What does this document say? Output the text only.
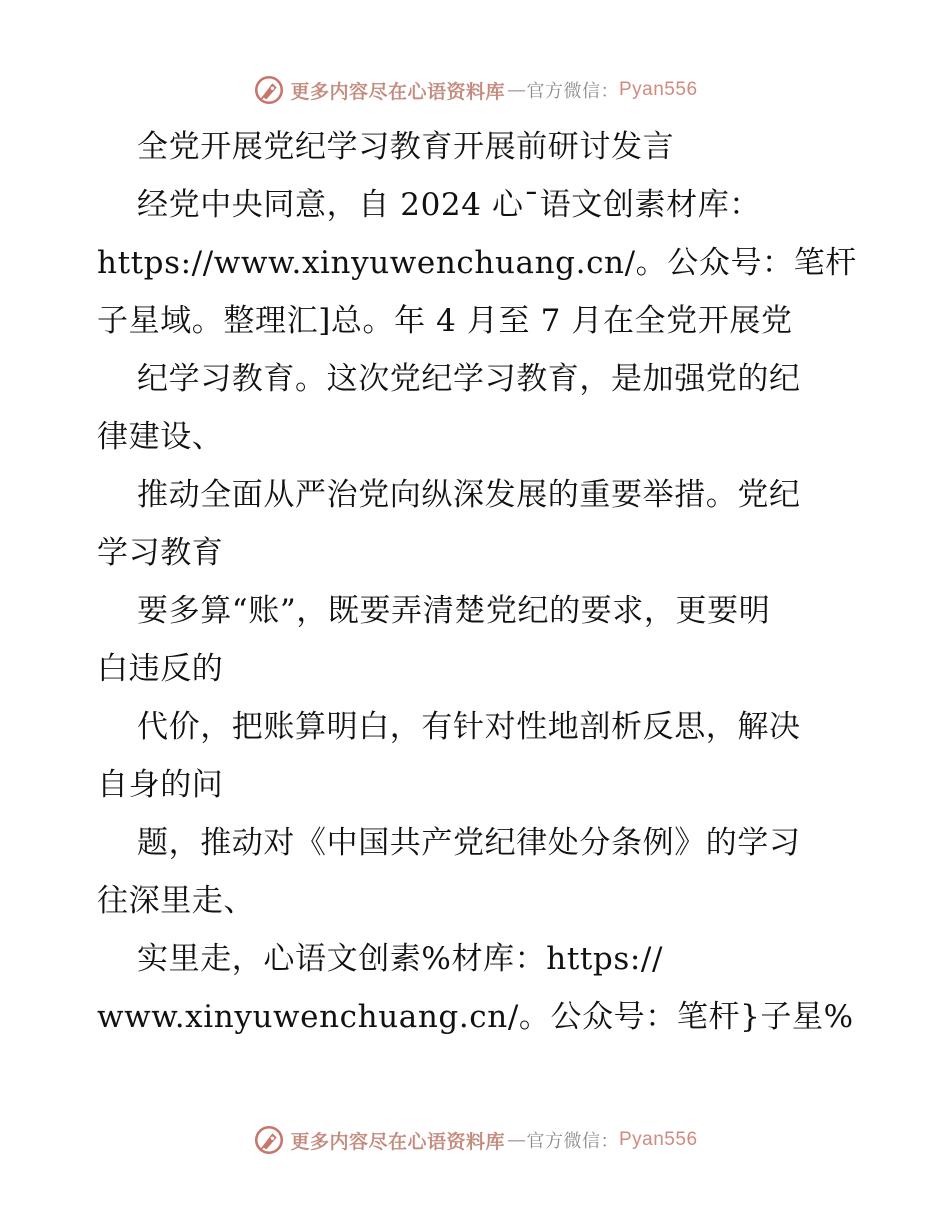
更多内容尽在心语资料库 — 官方微信： Pyan556
全党开展党纪学习教育开展前研讨发言
经党中央同意，自 2024 心¯语文创素材库：
https://www.xinyuwenchuang.cn/。公众号：笔杆
子星域。整理汇]总。年 4 月至 7 月在全党开展党
纪学习教育。这次党纪学习教育，是加强党的纪
律建设、
推动全面从严治党向纵深发展的重要举措。党纪
学习教育
要多算“账”，既要弄清楚党纪的要求，更要明
白违反的
代价，把账算明白，有针对性地剖析反思，解决
自身的问
题，推动对《中国共产党纪律处分条例》的学习
往深里走、
实里走，心语文创素%材库：https://
www.xinyuwenchuang.cn/。公众号：笔杆}子星%
更多内容尽在心语资料库 — 官方微信： Pyan556
